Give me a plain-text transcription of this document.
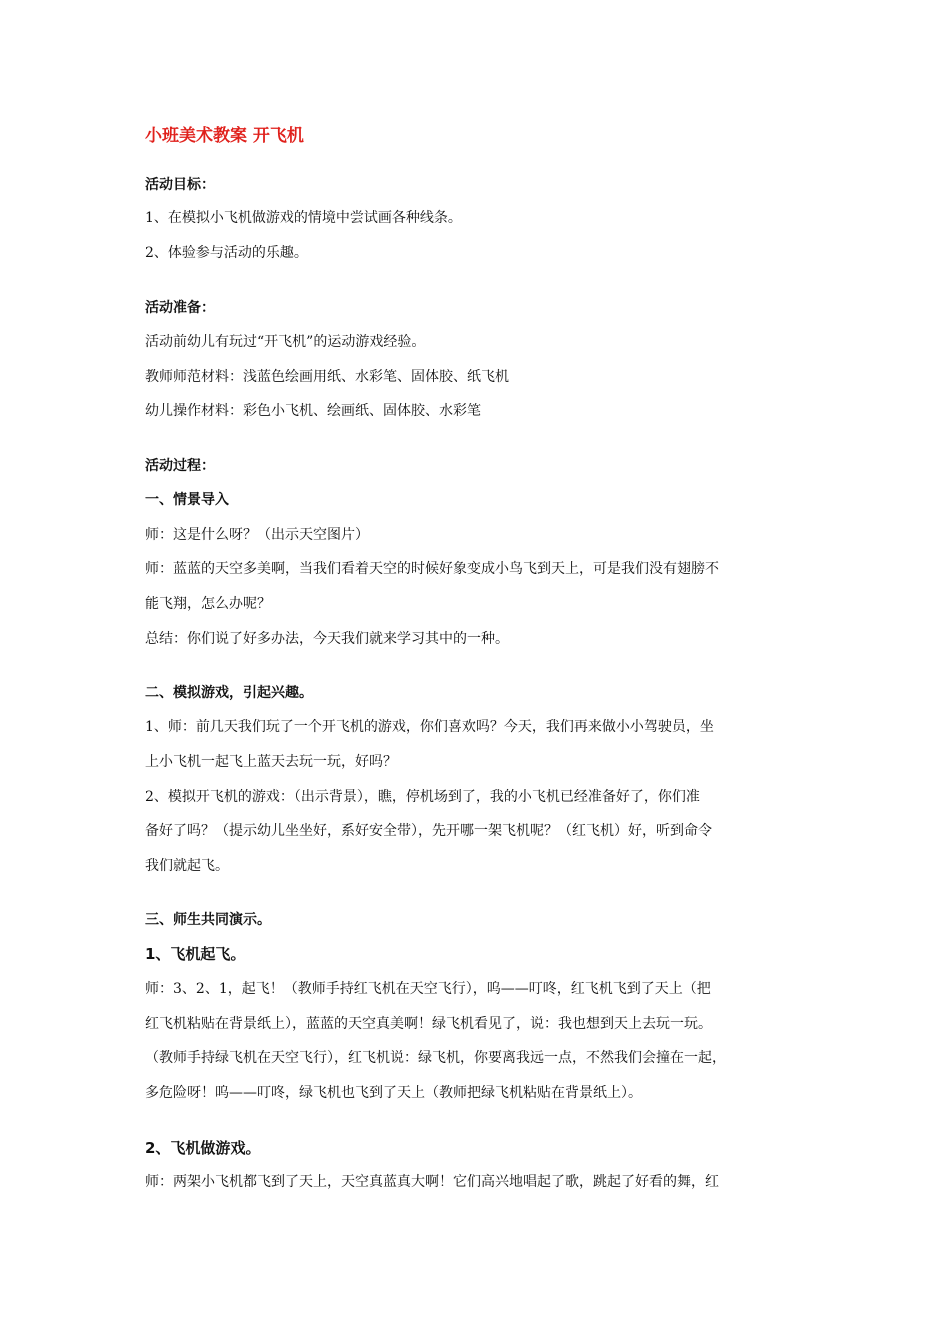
小班美术教案 开飞机
活动目标：
1、在模拟小飞机做游戏的情境中尝试画各种线条。
2、体验参与活动的乐趣。
活动准备：
活动前幼儿有玩过“开飞机”的运动游戏经验。
教师师范材料：浅蓝色绘画用纸、水彩笔、固体胶、纸飞机
幼儿操作材料：彩色小飞机、绘画纸、固体胶、水彩笔
活动过程：
一、情景导入
师：这是什么呀？（出示天空图片）
师：蓝蓝的天空多美啊，当我们看着天空的时候好象变成小鸟飞到天上，可是我们没有翅膀不
能飞翔，怎么办呢？
总结：你们说了好多办法，今天我们就来学习其中的一种。
二、模拟游戏，引起兴趣。
1、师：前几天我们玩了一个开飞机的游戏，你们喜欢吗？今天，我们再来做小小驾驶员，坐
上小飞机一起飞上蓝天去玩一玩，好吗？
2、模拟开飞机的游戏：（出示背景），瞧，停机场到了，我的小飞机已经准备好了，你们准
备好了吗？（提示幼儿坐坐好，系好安全带），先开哪一架飞机呢？（红飞机）好，听到命令
我们就起飞。
三、师生共同演示。
1、飞机起飞。
师：3、2、1，起飞！（教师手持红飞机在天空飞行），呜——叮咚，红飞机飞到了天上（把
红飞机粘贴在背景纸上），蓝蓝的天空真美啊！绿飞机看见了，说：我也想到天上去玩一玩。
（教师手持绿飞机在天空飞行），红飞机说：绿飞机，你要离我远一点，不然我们会撞在一起，
多危险呀！呜——叮咚，绿飞机也飞到了天上（教师把绿飞机粘贴在背景纸上）。
2、飞机做游戏。
师：两架小飞机都飞到了天上，天空真蓝真大啊！它们高兴地唱起了歌，跳起了好看的舞，红
